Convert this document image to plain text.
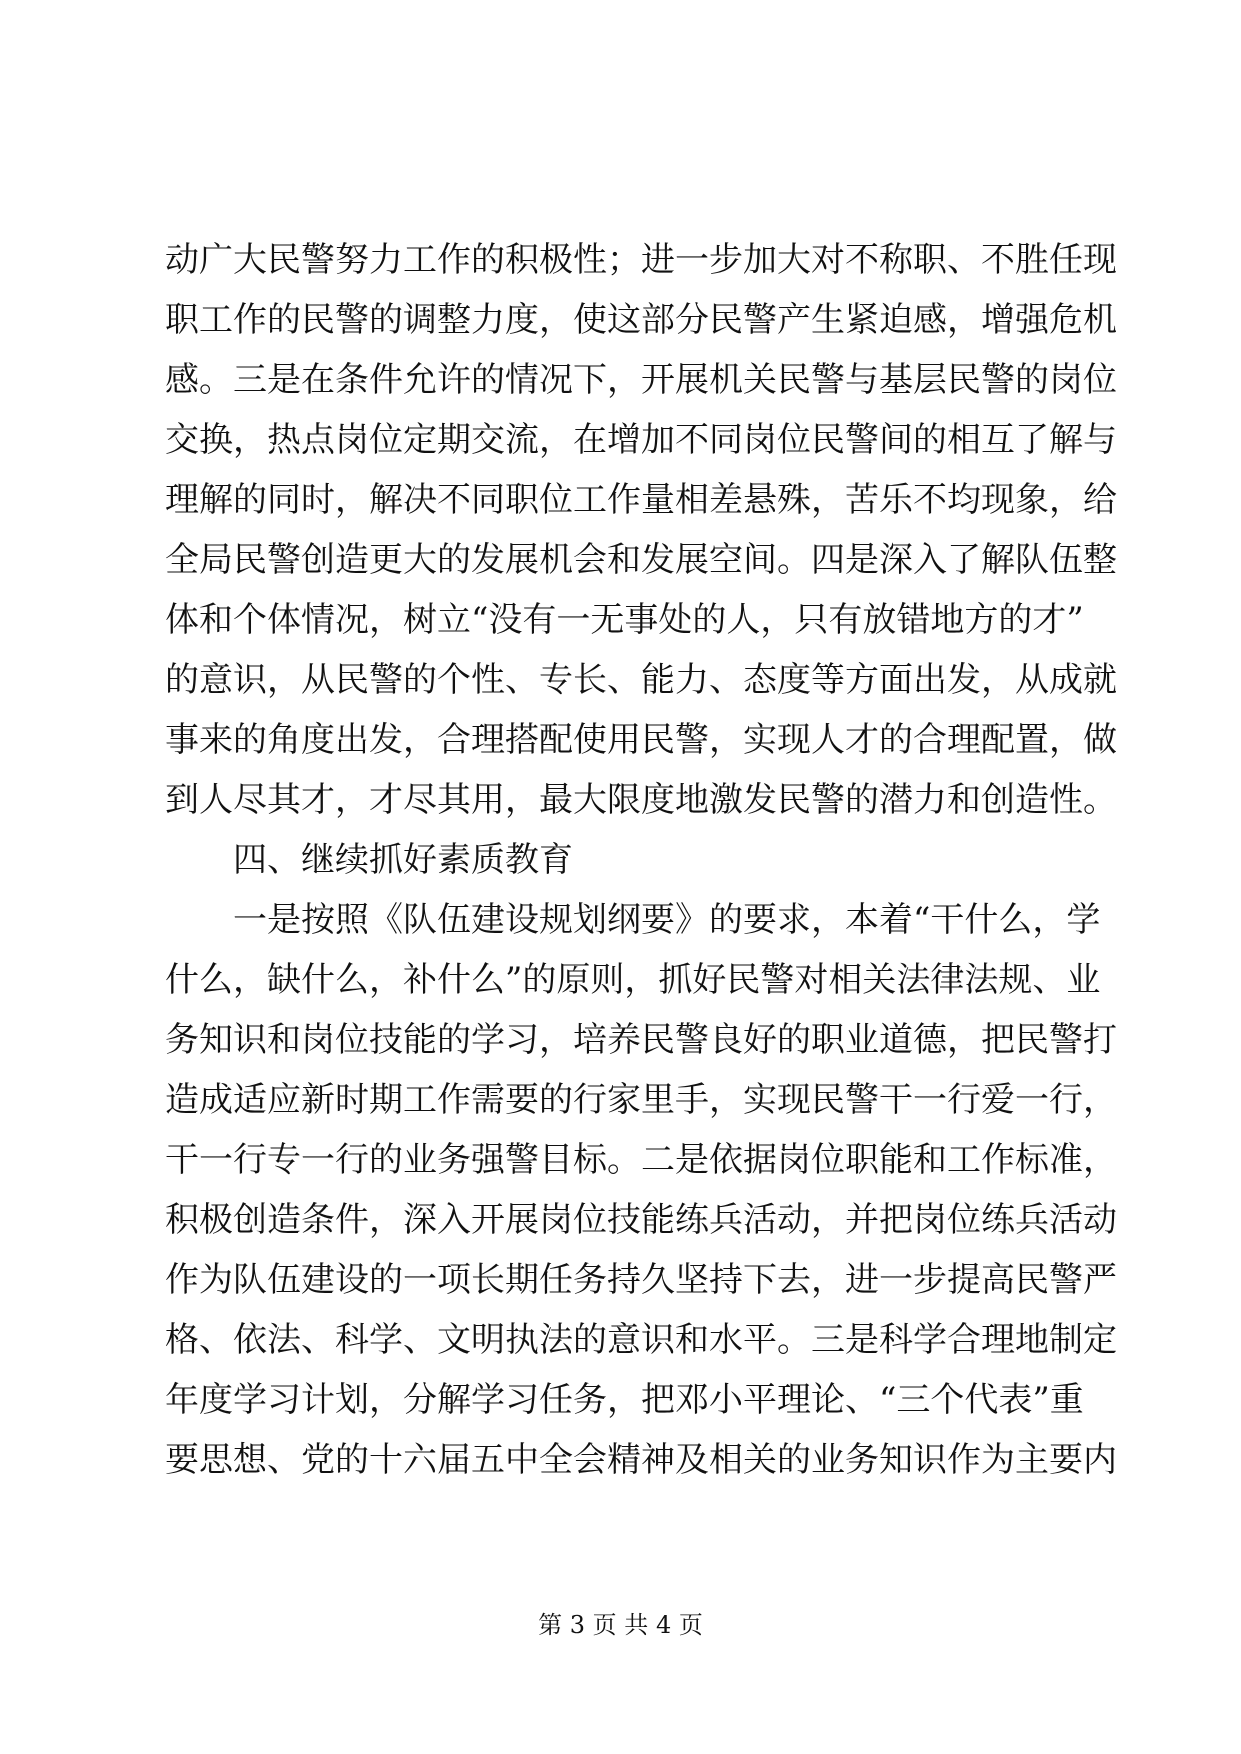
动广大民警努力工作的积极性；进一步加大对不称职、不胜任现
职工作的民警的调整力度，使这部分民警产生紧迫感，增强危机
感。三是在条件允许的情况下，开展机关民警与基层民警的岗位
交换，热点岗位定期交流，在增加不同岗位民警间的相互了解与
理解的同时，解决不同职位工作量相差悬殊，苦乐不均现象，给
全局民警创造更大的发展机会和发展空间。四是深入了解队伍整
体和个体情况，树立“没有一无事处的人，只有放错地方的才”
的意识，从民警的个性、专长、能力、态度等方面出发，从成就
事来的角度出发，合理搭配使用民警，实现人才的合理配置，做
到人尽其才，才尽其用，最大限度地激发民警的潜力和创造性。
四、继续抓好素质教育
一是按照《队伍建设规划纲要》的要求，本着“干什么，学
什么，缺什么，补什么”的原则，抓好民警对相关法律法规、业
务知识和岗位技能的学习，培养民警良好的职业道德，把民警打
造成适应新时期工作需要的行家里手，实现民警干一行爱一行，
干一行专一行的业务强警目标。二是依据岗位职能和工作标准，
积极创造条件，深入开展岗位技能练兵活动，并把岗位练兵活动
作为队伍建设的一项长期任务持久坚持下去，进一步提高民警严
格、依法、科学、文明执法的意识和水平。三是科学合理地制定
年度学习计划，分解学习任务，把邓小平理论、“三个代表”重
要思想、党的十六届五中全会精神及相关的业务知识作为主要内
第 3 页 共 4 页
